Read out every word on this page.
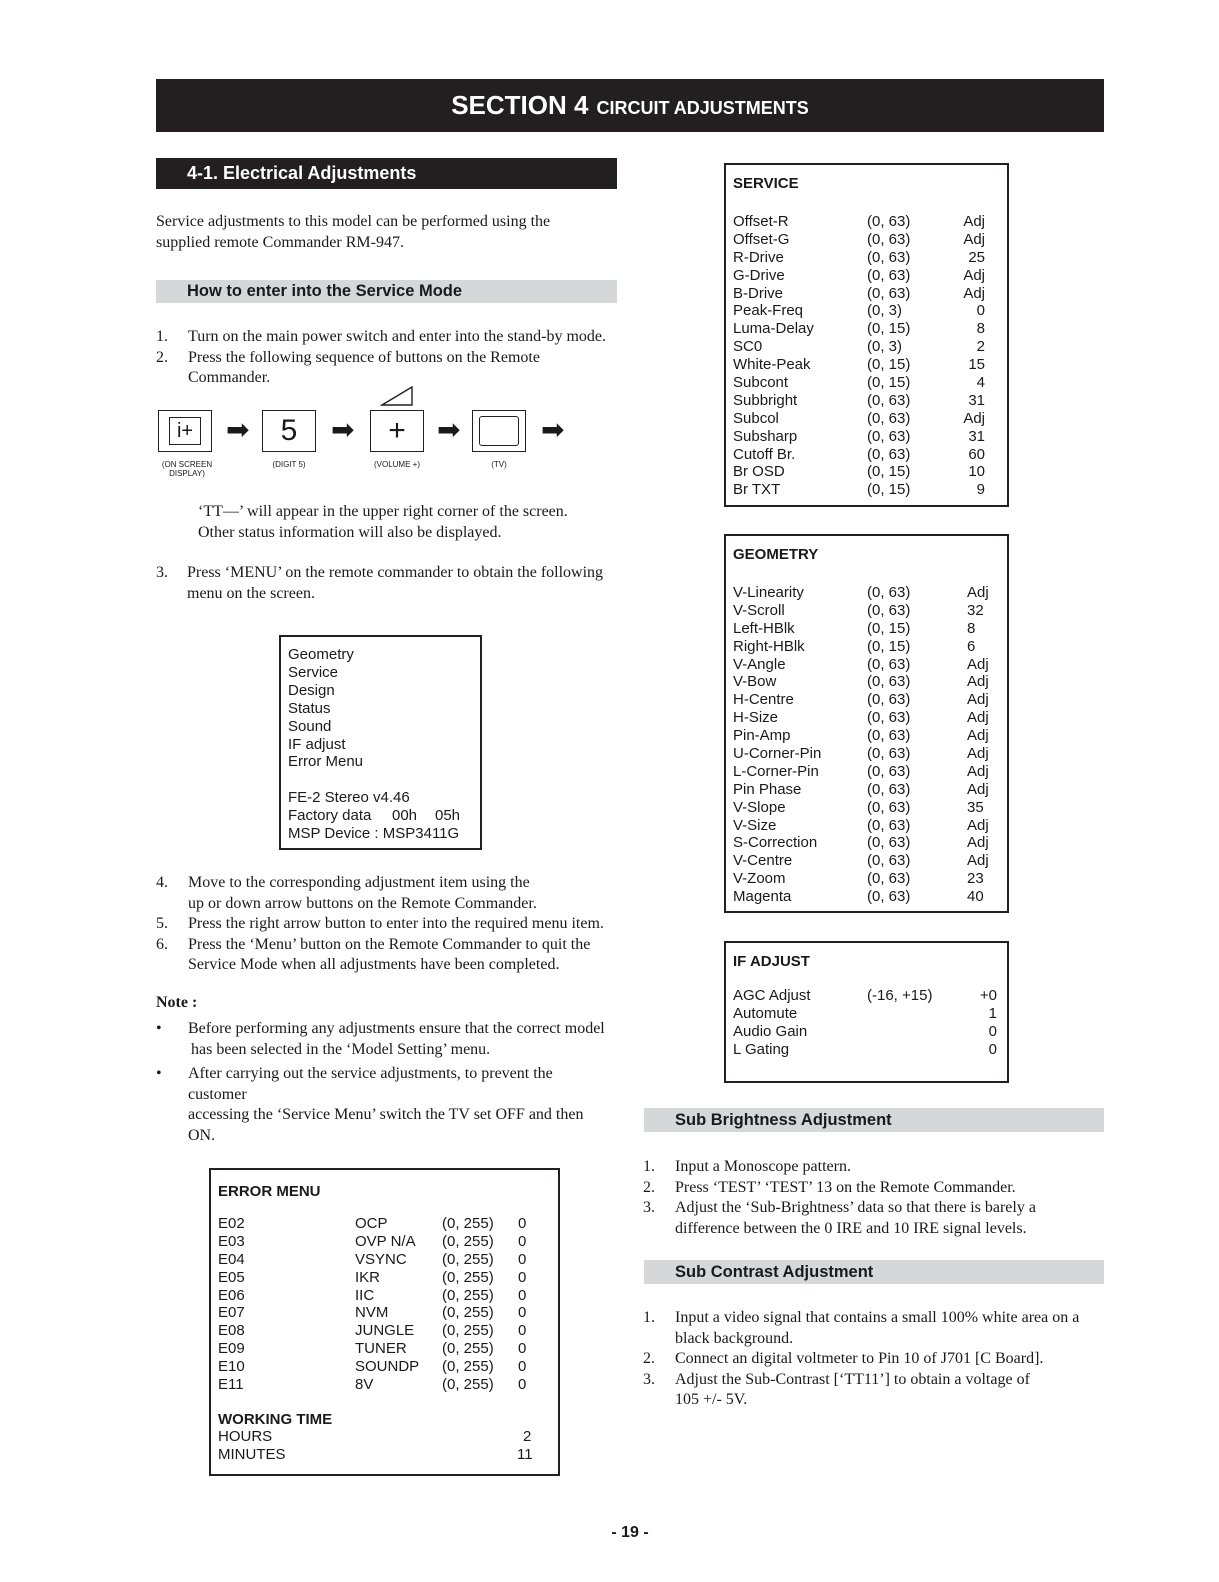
SECTION 4 CIRCUIT ADJUSTMENTS
4-1. Electrical Adjustments
Service adjustments to this model can be performed using the
supplied remote Commander RM-947.
How to enter into the Service Mode
1. Turn on the main power switch and enter into the stand-by mode.
2. Press the following sequence of buttons on the Remote
Commander.
i+ ➡ 5 ➡ + ➡	➡
(ON SCREEN
DISPLAY)
(DIGIT 5)	(VOLUME +)	(TV)
‘TT—’ will appear in the upper right corner of the screen.
Other status information will also be displayed.
3. Press ‘MENU’ on the remote commander to obtain the following
menu on the screen.
Geometry
Service
Design
Status
Sound
IF adjust
Error Menu
FE-2 Stereo v4.46
Factory data 00h 05h
MSP Device : MSP3411G
4. Move to the corresponding adjustment item using the
up or down arrow buttons on the Remote Commander.
5. Press the right arrow button to enter into the required menu item.
6. Press the ‘Menu’ button on the Remote Commander to quit the
Service Mode when all adjustments have been completed.
Note :
• Before performing any adjustments ensure that the correct model
has been selected in the ‘Model Setting’ menu.
• After carrying out the service adjustments, to prevent the
customer
accessing the ‘Service Menu’ switch the TV set OFF and then
ON.
ERROR MENU
E02	OCP	(0, 255) 0
E03	OVP N/A (0, 255) 0
E04	VSYNC (0, 255) 0
E05	IKR	(0, 255) 0
E06	IIC	(0, 255) 0
E07	NVM	(0, 255) 0
E08	JUNGLE (0, 255) 0
E09	TUNER (0, 255) 0
E10	SOUNDP (0, 255) 0
E11	8V	(0, 255) 0
WORKING TIME
HOURS	2
MINUTES	11
SERVICE
Offset-R	(0, 63)	Adj
Offset-G	(0, 63)	Adj
R-Drive	(0, 63)	25
G-Drive	(0, 63)	Adj
B-Drive	(0, 63)	Adj
Peak-Freq	(0, 3)	0
Luma-Delay	(0, 15)	8
SC0	(0, 3)	2
White-Peak	(0, 15)	15
Subcont	(0, 15)	4
Subbright	(0, 63)	31
Subcol	(0, 63)	Adj
Subsharp	(0, 63)	31
Cutoff Br.	(0, 63)	60
Br OSD	(0, 15)	10
Br TXT	(0, 15)	9
GEOMETRY
V-Linearity	(0, 63)	Adj
V-Scroll	(0, 63)	32
Left-HBlk	(0, 15)	8
Right-HBlk	(0, 15)	6
V-Angle	(0, 63)	Adj
V-Bow	(0, 63)	Adj
H-Centre	(0, 63)	Adj
H-Size	(0, 63)	Adj
Pin-Amp	(0, 63)	Adj
U-Corner-Pin	(0, 63)	Adj
L-Corner-Pin	(0, 63)	Adj
Pin Phase	(0, 63)	Adj
V-Slope	(0, 63)	35
V-Size	(0, 63)	Adj
S-Correction	(0, 63)	Adj
V-Centre	(0, 63)	Adj
V-Zoom	(0, 63)	23
Magenta	(0, 63)	40
IF ADJUST
AGC Adjust	(-16, +15)	+0
Automute	1
Audio Gain	0
L Gating	0
Sub Brightness Adjustment
1. Input a Monoscope pattern.
2. Press ‘TEST’ ‘TEST’ 13 on the Remote Commander.
3. Adjust the ‘Sub-Brightness’ data so that there is barely a
difference between the 0 IRE and 10 IRE signal levels.
Sub Contrast Adjustment
1. Input a video signal that contains a small 100% white area on a
black background.
2. Connect an digital voltmeter to Pin 10 of J701 [C Board].
3. Adjust the Sub-Contrast [‘TT11’] to obtain a voltage of
105 +/- 5V.
- 19 -
